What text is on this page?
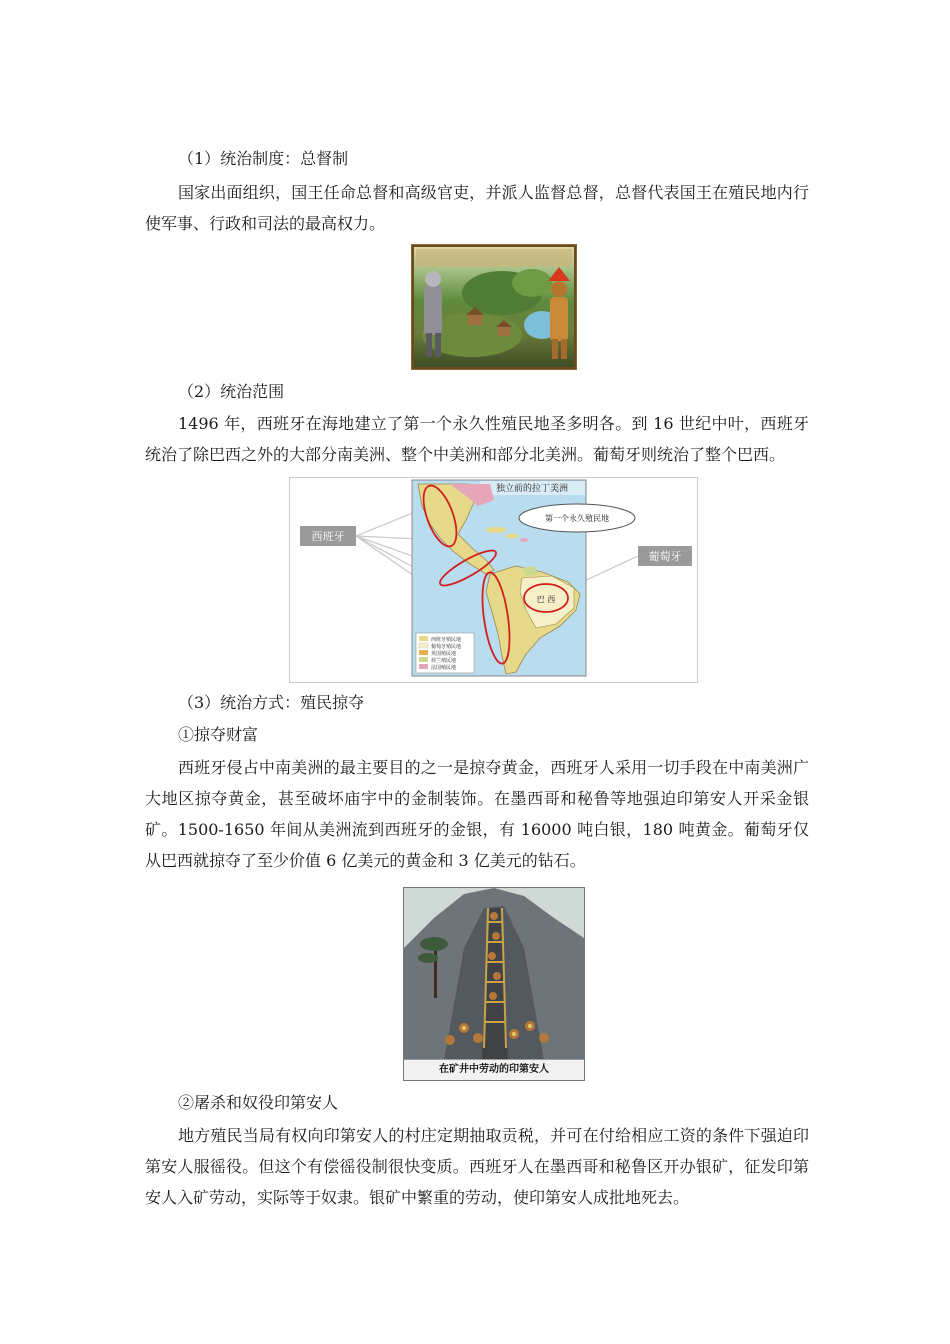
（1）统治制度：总督制
国家出面组织，国王任命总督和高级官吏，并派人监督总督，总督代表国王在殖民地内行使军事、行政和司法的最高权力。
（2）统治范围
1496 年，西班牙在海地建立了第一个永久性殖民地圣多明各。到 16 世纪中叶，西班牙统治了除巴西之外的大部分南美洲、整个中美洲和部分北美洲。葡萄牙则统治了整个巴西。
独立前的拉丁美洲
巴 西
第一个永久殖民地
西班牙殖民地
葡萄牙殖民地
英国殖民地
荷兰殖民地
法国殖民地
西班牙
葡萄牙
（3）统治方式：殖民掠夺
①掠夺财富
西班牙侵占中南美洲的最主要目的之一是掠夺黄金，西班牙人采用一切手段在中南美洲广大地区掠夺黄金，甚至破坏庙宇中的金制装饰。在墨西哥和秘鲁等地强迫印第安人开采金银矿。1500-1650 年间从美洲流到西班牙的金银，有 16000 吨白银，180 吨黄金。葡萄牙仅从巴西就掠夺了至少价值 6 亿美元的黄金和 3 亿美元的钻石。
在矿井中劳动的印第安人
②屠杀和奴役印第安人
地方殖民当局有权向印第安人的村庄定期抽取贡税，并可在付给相应工资的条件下强迫印第安人服徭役。但这个有偿徭役制很快变质。西班牙人在墨西哥和秘鲁区开办银矿，征发印第安人入矿劳动，实际等于奴隶。银矿中繁重的劳动，使印第安人成批地死去。
